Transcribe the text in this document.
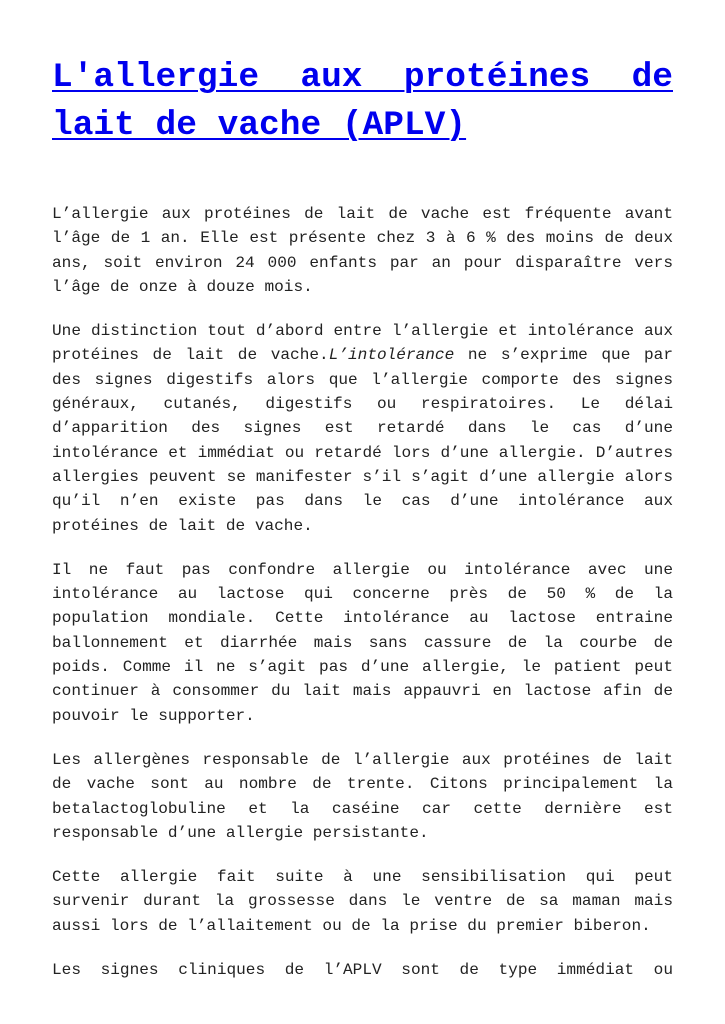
L'allergie aux protéines de lait de vache (APLV)

L’allergie aux protéines de lait de vache est fréquente avant l’âge de 1 an. Elle est présente chez 3 à 6 % des moins de deux ans, soit environ 24 000 enfants par an pour disparaître vers l’âge de onze à douze mois.

Une distinction tout d’abord entre l’allergie et intolérance aux protéines de lait de vache.L’intolérance ne s’exprime que par des signes digestifs alors que l’allergie comporte des signes généraux, cutanés, digestifs ou respiratoires. Le délai d’apparition des signes est retardé dans le cas d’une intolérance et immédiat ou retardé lors d’une allergie. D’autres allergies peuvent se manifester s’il s’agit d’une allergie alors qu’il n’en existe pas dans le cas d’une intolérance aux protéines de lait de vache.

Il ne faut pas confondre allergie ou intolérance avec une intolérance au lactose qui concerne près de 50 % de la population mondiale. Cette intolérance au lactose entraine ballonnement et diarrhée mais sans cassure de la courbe de poids. Comme il ne s’agit pas d’une allergie, le patient peut continuer à consommer du lait mais appauvri en lactose afin de pouvoir le supporter.

Les allergènes responsable de l’allergie aux protéines de lait de vache sont au nombre de trente. Citons principalement la betalactoglobuline et la caséine car cette dernière est responsable d’une allergie persistante.

Cette allergie fait suite à une sensibilisation qui peut survenir durant la grossesse dans le ventre de sa maman mais aussi lors de l’allaitement ou de la prise du premier biberon.

Les signes cliniques de l’APLV sont de type immédiat ou
